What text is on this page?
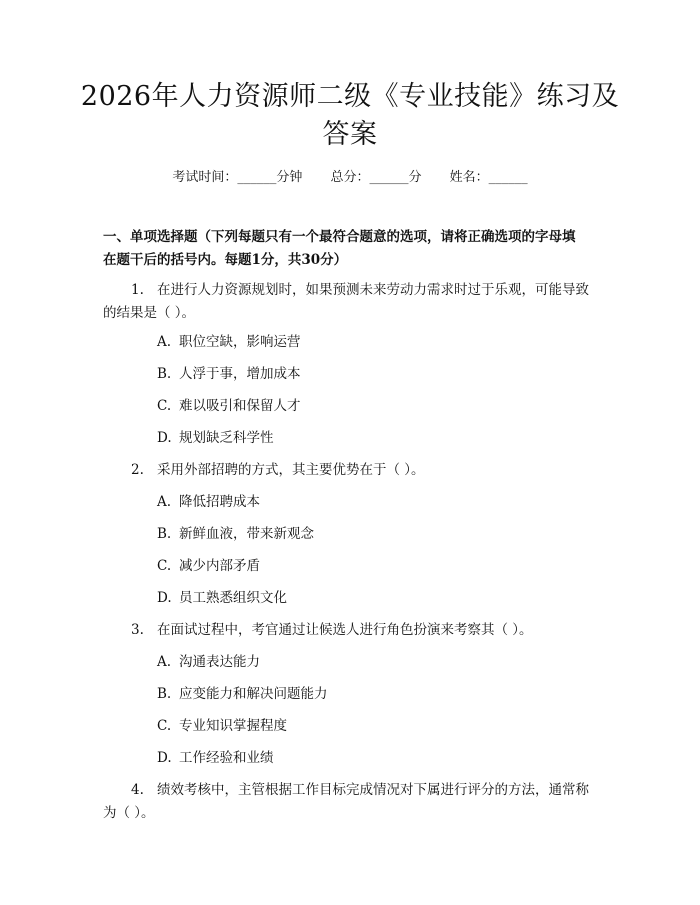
2026年人力资源师二级《专业技能》练习及
答案
考试时间：______分钟 总分：______分 姓名：______
一、单项选择题（下列每题只有一个最符合题意的选项，请将正确选项的字母填
在题干后的括号内。每题1分，共30分）
1. 在进行人力资源规划时，如果预测未来劳动力需求时过于乐观，可能导致
的结果是（ ）。
A. 职位空缺，影响运营
B. 人浮于事，增加成本
C. 难以吸引和保留人才
D. 规划缺乏科学性
2. 采用外部招聘的方式，其主要优势在于（ ）。
A. 降低招聘成本
B. 新鲜血液，带来新观念
C. 减少内部矛盾
D. 员工熟悉组织文化
3. 在面试过程中，考官通过让候选人进行角色扮演来考察其（ ）。
A. 沟通表达能力
B. 应变能力和解决问题能力
C. 专业知识掌握程度
D. 工作经验和业绩
4. 绩效考核中，主管根据工作目标完成情况对下属进行评分的方法，通常称
为（ ）。
